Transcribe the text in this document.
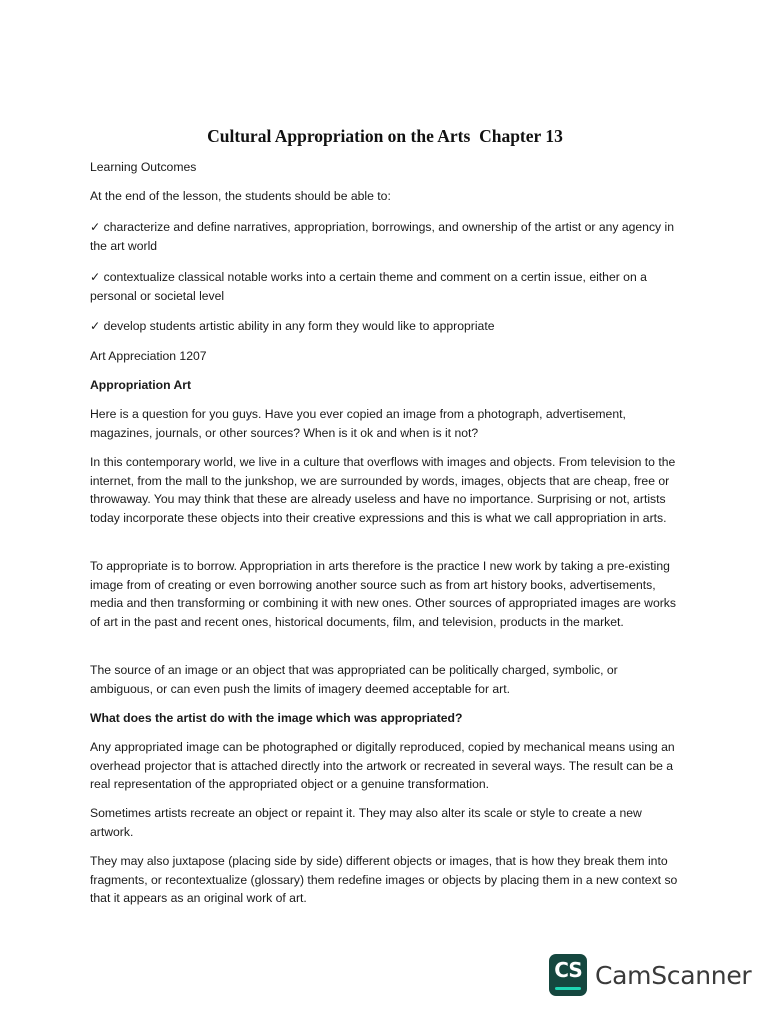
Cultural Appropriation on the Arts  Chapter 13

Learning Outcomes

At the end of the lesson, the students should be able to:

✓ characterize and define narratives, appropriation, borrowings, and ownership of the artist or any agency in the art world

✓ contextualize classical notable works into a certain theme and comment on a certin issue, either on a personal or societal level

✓ develop students artistic ability in any form they would like to appropriate

Art Appreciation 1207

Appropriation Art

Here is a question for you guys. Have you ever copied an image from a photograph, advertisement, magazines, journals, or other sources? When is it ok and when is it not?

In this contemporary world, we live in a culture that overflows with images and objects. From television to the internet, from the mall to the junkshop, we are surrounded by words, images, objects that are cheap, free or throwaway. You may think that these are already useless and have no importance. Surprising or not, artists today incorporate these objects into their creative expressions and this is what we call appropriation in arts.

To appropriate is to borrow. Appropriation in arts therefore is the practice I new work by taking a pre-existing image from of creating or even borrowing another source such as from art history books, advertisements, media and then transforming or combining it with new ones. Other sources of appropriated images are works of art in the past and recent ones, historical documents, film, and television, products in the market.

The source of an image or an object that was appropriated can be politically charged, symbolic, or ambiguous, or can even push the limits of imagery deemed acceptable for art.

What does the artist do with the image which was appropriated?

Any appropriated image can be photographed or digitally reproduced, copied by mechanical means using an overhead projector that is attached directly into the artwork or recreated in several ways. The result can be a real representation of the appropriated object or a genuine transformation.

Sometimes artists recreate an object or repaint it. They may also alter its scale or style to create a new artwork.

They may also juxtapose (placing side by side) different objects or images, that is how they break them into fragments, or recontextualize (glossary) them redefine images or objects by placing them in a new context so that it appears as an original work of art.

CS CamScanner
